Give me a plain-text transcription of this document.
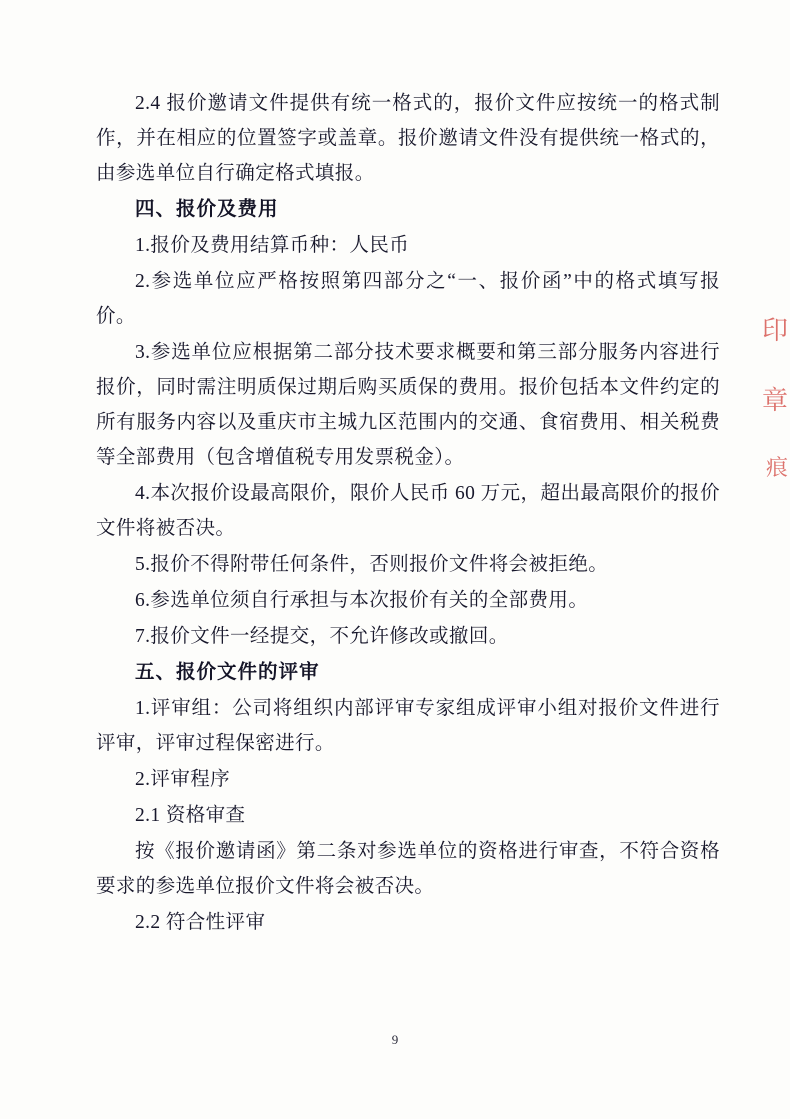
印
章
痕

2.4 报价邀请文件提供有统一格式的，报价文件应按统一的格式制作，并在相应的位置签字或盖章。报价邀请文件没有提供统一格式的，由参选单位自行确定格式填报。

四、报价及费用

1.报价及费用结算币种：人民币

2.参选单位应严格按照第四部分之“一、报价函”中的格式填写报价。

3.参选单位应根据第二部分技术要求概要和第三部分服务内容进行报价，同时需注明质保过期后购买质保的费用。报价包括本文件约定的所有服务内容以及重庆市主城九区范围内的交通、食宿费用、相关税费等全部费用（包含增值税专用发票税金）。

4.本次报价设最高限价，限价人民币 60 万元，超出最高限价的报价文件将被否决。

5.报价不得附带任何条件，否则报价文件将会被拒绝。

6.参选单位须自行承担与本次报价有关的全部费用。

7.报价文件一经提交，不允许修改或撤回。

五、报价文件的评审

1.评审组：公司将组织内部评审专家组成评审小组对报价文件进行评审，评审过程保密进行。

2.评审程序

2.1 资格审查

按《报价邀请函》第二条对参选单位的资格进行审查，不符合资格要求的参选单位报价文件将会被否决。

2.2 符合性评审

9
